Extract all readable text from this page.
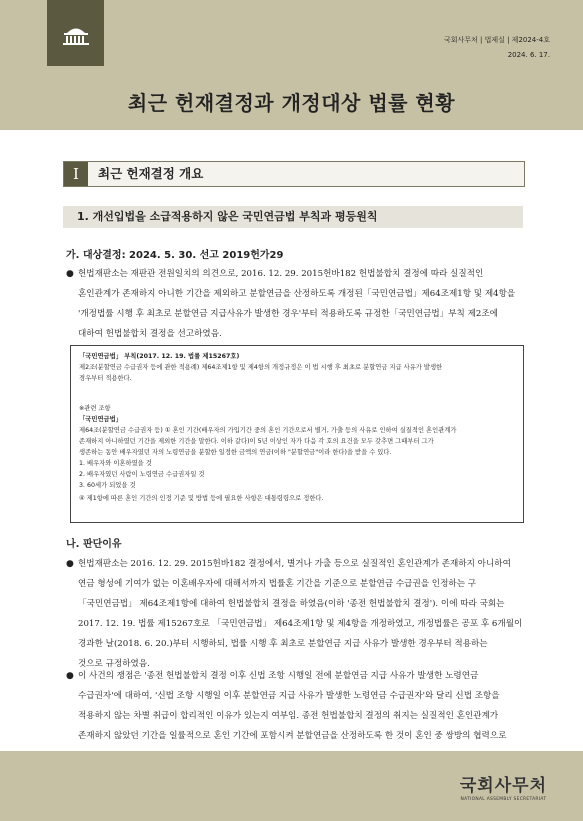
국회사무처 | 법제실 | 제2024-4호
2024. 6. 17.
최근 헌재결정과 개정대상 법률 현황
I	최근 헌재결정 개요
1. 개선입법을 소급적용하지 않은 국민연금법 부칙과 평등원칙
가. 대상결정: 2024. 5. 30. 선고 2019헌가29
● 헌법재판소는 재판관 전원일치의 의견으로, 2016. 12. 29. 2015헌바182 헌법불합치 결정에 따라 실질적인
혼인관계가 존재하지 아니한 기간을 제외하고 분할연금을 산정하도록 개정된「국민연금법」제64조제1항 및 제4항을
'개정법률 시행 후 최초로 분할연금 지급사유가 발생한 경우'부터 적용하도록 규정한「국민연금법」부칙 제2조에
대하여 헌법불합치 결정을 선고하였음.
「국민연금법」 부칙(2017. 12. 19. 법률 제15267호)
제2조(분할연금 수급권자 등에 관한 적용례) 제64조제1항 및 제4항의 개정규정은 이 법 시행 후 최초로 분할연금 지급 사유가 발생한
경우부터 적용한다.
※관련 조항
「국민연금법」
제64조(분할연금 수급권자 등) ① 혼인 기간(배우자의 가입기간 중의 혼인 기간으로서 별거, 가출 등의 사유로 인하여 실질적인 혼인관계가
존재하지 아니하였던 기간을 제외한 기간을 말한다. 이하 같다)이 5년 이상인 자가 다음 각 호의 요건을 모두 갖추면 그때부터 그가
생존하는 동안 배우자였던 자의 노령연금을 분할한 일정한 금액의 연금(이하 "분할연금"이라 한다)을 받을 수 있다.
1. 배우자와 이혼하였을 것
2. 배우자였던 사람이 노령연금 수급권자일 것
3. 60세가 되었을 것
④ 제1항에 따른 혼인 기간의 인정 기준 및 방법 등에 필요한 사항은 대통령령으로 정한다.
나. 판단이유
● 헌법재판소는 2016. 12. 29. 2015헌바182 결정에서, 별거나 가출 등으로 실질적인 혼인관계가 존재하지 아니하여
연금 형성에 기여가 없는 이혼배우자에 대해서까지 법률혼 기간을 기준으로 분할연금 수급권을 인정하는 구
「국민연금법」 제64조제1항에 대하여 헌법불합치 결정을 하였음(이하 '종전 헌법불합치 결정'). 이에 따라 국회는
2017. 12. 19. 법률 제15267호로 「국민연금법」 제64조제1항 및 제4항을 개정하였고, 개정법률은 공포 후 6개월이
경과한 날(2018. 6. 20.)부터 시행하되, 법률 시행 후 최초로 분할연금 지급 사유가 발생한 경우부터 적용하는
것으로 규정하였음.
● 이 사건의 쟁점은 '종전 헌법불합치 결정 이후 신법 조항 시행일 전에 분할연금 지급 사유가 발생한 노령연금
수급권자'에 대하여, '신법 조항 시행일 이후 분할연금 지급 사유가 발생한 노령연금 수급권자'와 달리 신법 조항을
적용하지 않는 차별 취급이 합리적인 이유가 있는지 여부임. 종전 헌법불합치 결정의 취지는 실질적인 혼인관계가
존재하지 않았던 기간을 일률적으로 혼인 기간에 포함시켜 분할연금을 산정하도록 한 것이 혼인 중 쌍방의 협력으로
국회사무처
NATIONAL ASSEMBLY SECRETARIAT
